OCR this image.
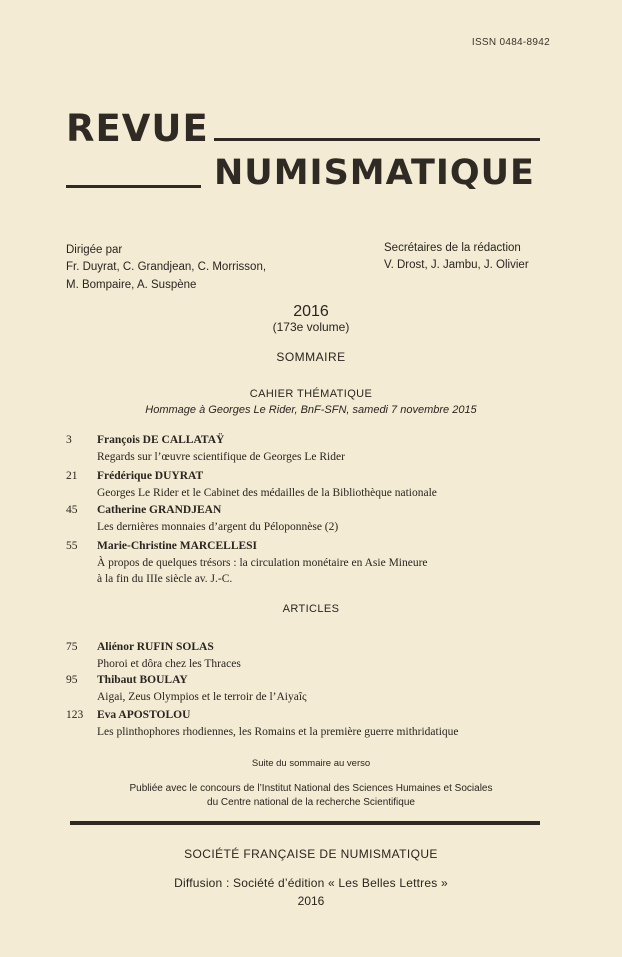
ISSN 0484-8942
REVUE
NUMISMATIQUE
Dirigée par
Fr. Duyrat, C. Grandjean, C. Morrisson,
M. Bompaire, A. Suspène
Secrétaires de la rédaction
V. Drost, J. Jambu, J. Olivier
2016
(173e volume)
SOMMAIRE
CAHIER THÉMATIQUE
Hommage à Georges Le Rider, BnF-SFN, samedi 7 novembre 2015
3	François DE CALLATAŸ
Regards sur l’œuvre scientifique de Georges Le Rider
21	Frédérique DUYRAT
Georges Le Rider et le Cabinet des médailles de la Bibliothèque nationale
45	Catherine GRANDJEAN
Les dernières monnaies d’argent du Péloponnèse (2)
55	Marie-Christine MARCELLESI
À propos de quelques trésors : la circulation monétaire en Asie Mineure
à la fin du IIIe siècle av. J.-C.
ARTICLES
75	Aliénor RUFIN SOLAS
Phoroi et dôra chez les Thraces
95	Thibaut BOULAY
Aigai, Zeus Olympios et le terroir de l’Aiyaîς
123	Eva APOSTOLOU
Les plinthophores rhodiennes, les Romains et la première guerre mithridatique
Suite du sommaire au verso
Publiée avec le concours de l’Institut National des Sciences Humaines et Sociales
du Centre national de la recherche Scientifique
SOCIÉTÉ FRANÇAISE DE NUMISMATIQUE
Diffusion : Société d’édition « Les Belles Lettres »
2016
